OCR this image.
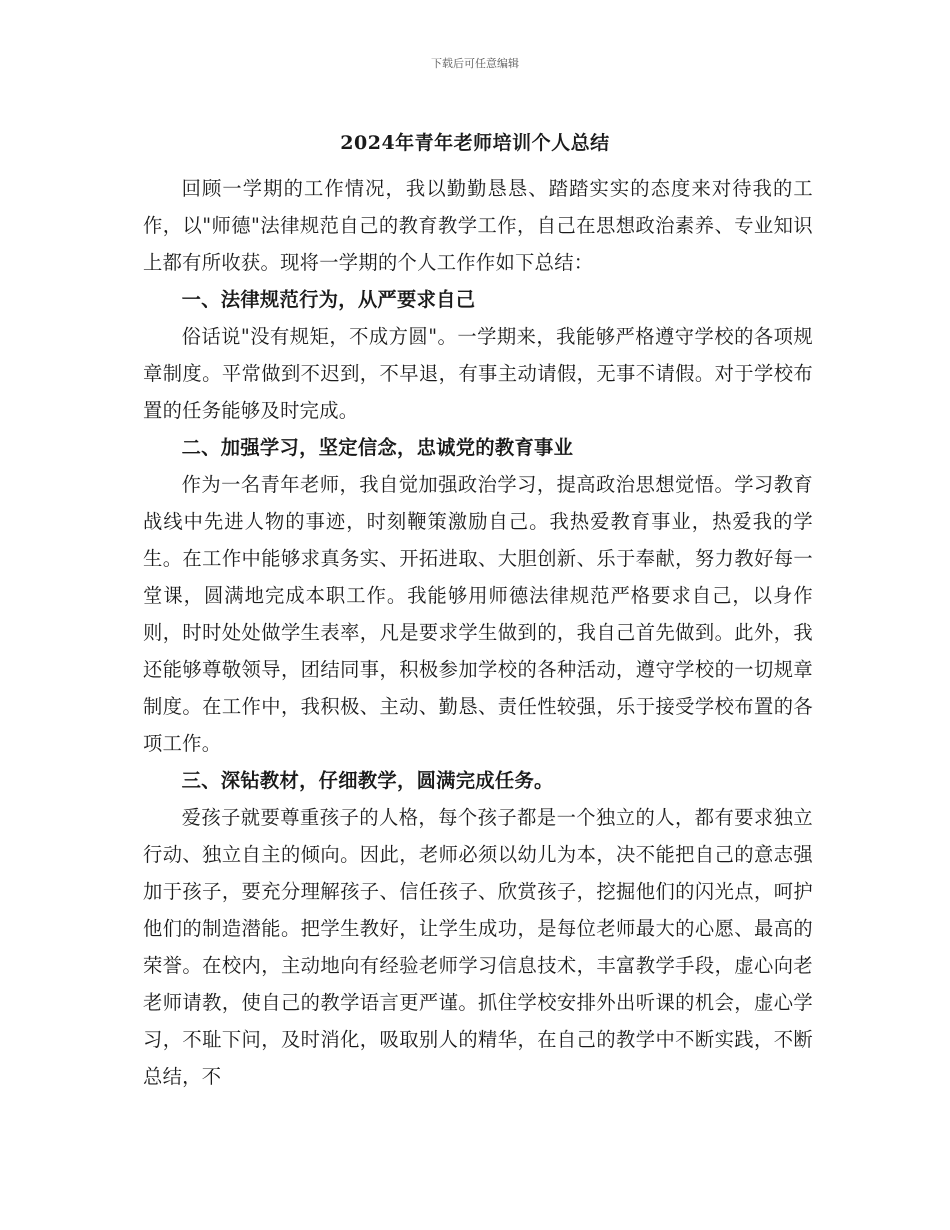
下载后可任意编辑
2024年青年老师培训个人总结

回顾一学期的工作情况，我以勤勤恳恳、踏踏实实的态度来对待我的工作，以"师德"法律规范自己的教育教学工作，自己在思想政治素养、专业知识上都有所收获。现将一学期的个人工作作如下总结：

一、法律规范行为，从严要求自己

俗话说"没有规矩，不成方圆"。一学期来，我能够严格遵守学校的各项规章制度。平常做到不迟到，不早退，有事主动请假，无事不请假。对于学校布置的任务能够及时完成。

二、加强学习，坚定信念，忠诚党的教育事业

作为一名青年老师，我自觉加强政治学习，提高政治思想觉悟。学习教育战线中先进人物的事迹，时刻鞭策激励自己。我热爱教育事业，热爱我的学生。在工作中能够求真务实、开拓进取、大胆创新、乐于奉献，努力教好每一堂课，圆满地完成本职工作。我能够用师德法律规范严格要求自己，以身作则，时时处处做学生表率，凡是要求学生做到的，我自己首先做到。此外，我还能够尊敬领导，团结同事，积极参加学校的各种活动，遵守学校的一切规章制度。在工作中，我积极、主动、勤恳、责任性较强，乐于接受学校布置的各项工作。

三、深钻教材，仔细教学，圆满完成任务。

爱孩子就要尊重孩子的人格，每个孩子都是一个独立的人，都有要求独立行动、独立自主的倾向。因此，老师必须以幼儿为本，决不能把自己的意志强加于孩子，要充分理解孩子、信任孩子、欣赏孩子，挖掘他们的闪光点，呵护他们的制造潜能。把学生教好，让学生成功，是每位老师最大的心愿、最高的荣誉。在校内，主动地向有经验老师学习信息技术，丰富教学手段，虚心向老老师请教，使自己的教学语言更严谨。抓住学校安排外出听课的机会，虚心学习，不耻下问，及时消化，吸取别人的精华，在自己的教学中不断实践，不断总结，不
